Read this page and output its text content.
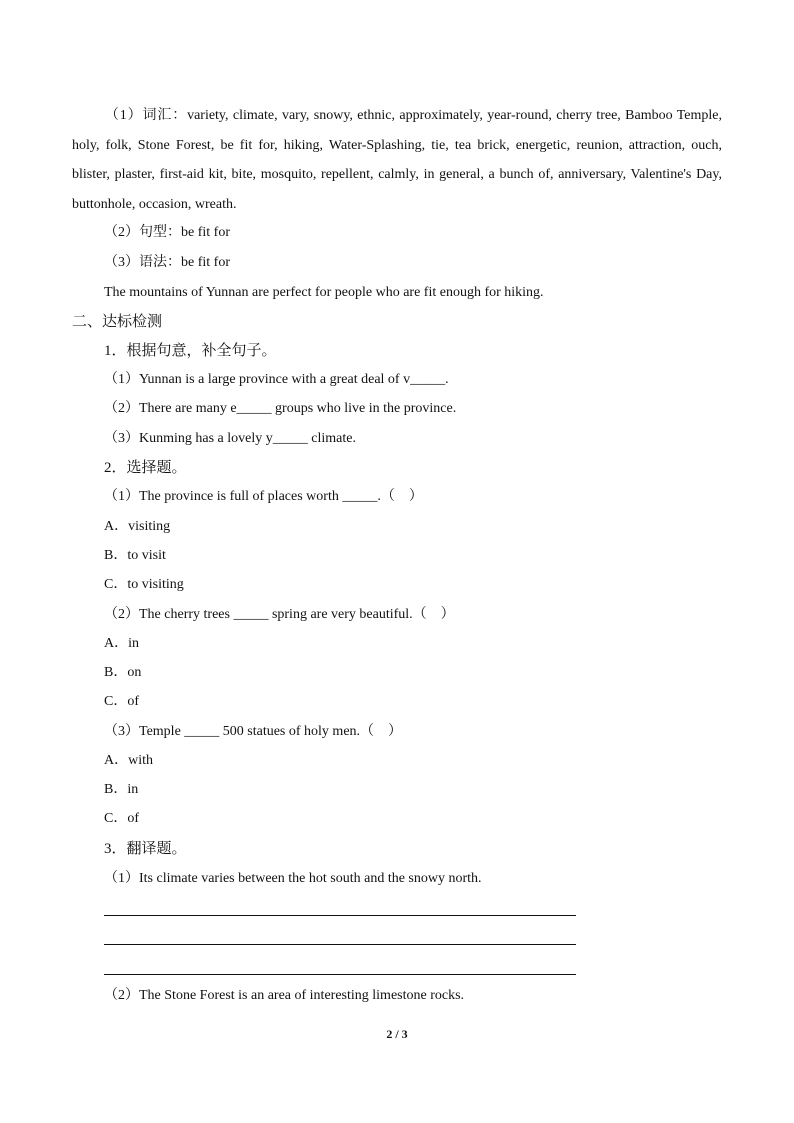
（1）词汇：variety, climate, vary, snowy, ethnic, approximately, year-round, cherry tree, Bamboo Temple, holy, folk, Stone Forest, be fit for, hiking, Water-Splashing, tie, tea brick, energetic, reunion, attraction, ouch, blister, plaster, first-aid kit, bite, mosquito, repellent, calmly, in general, a bunch of, anniversary, Valentine's Day, buttonhole, occasion, wreath.
（2）句型：be fit for
（3）语法：be fit for
The mountains of Yunnan are perfect for people who are fit enough for hiking.
二、达标检测
1．根据句意，补全句子。
（1）Yunnan is a large province with a great deal of v_____.
（2）There are many e_____ groups who live in the province.
（3）Kunming has a lovely y_____ climate.
2．选择题。
（1）The province is full of places worth _____.（　）
A．visiting
B．to visit
C．to visiting
（2）The cherry trees _____ spring are very beautiful.（　）
A．in
B．on
C．of
（3）Temple _____ 500 statues of holy men.（　）
A．with
B．in
C．of
3．翻译题。
（1）Its climate varies between the hot south and the snowy north.
（2）The Stone Forest is an area of interesting limestone rocks.
2 / 3
